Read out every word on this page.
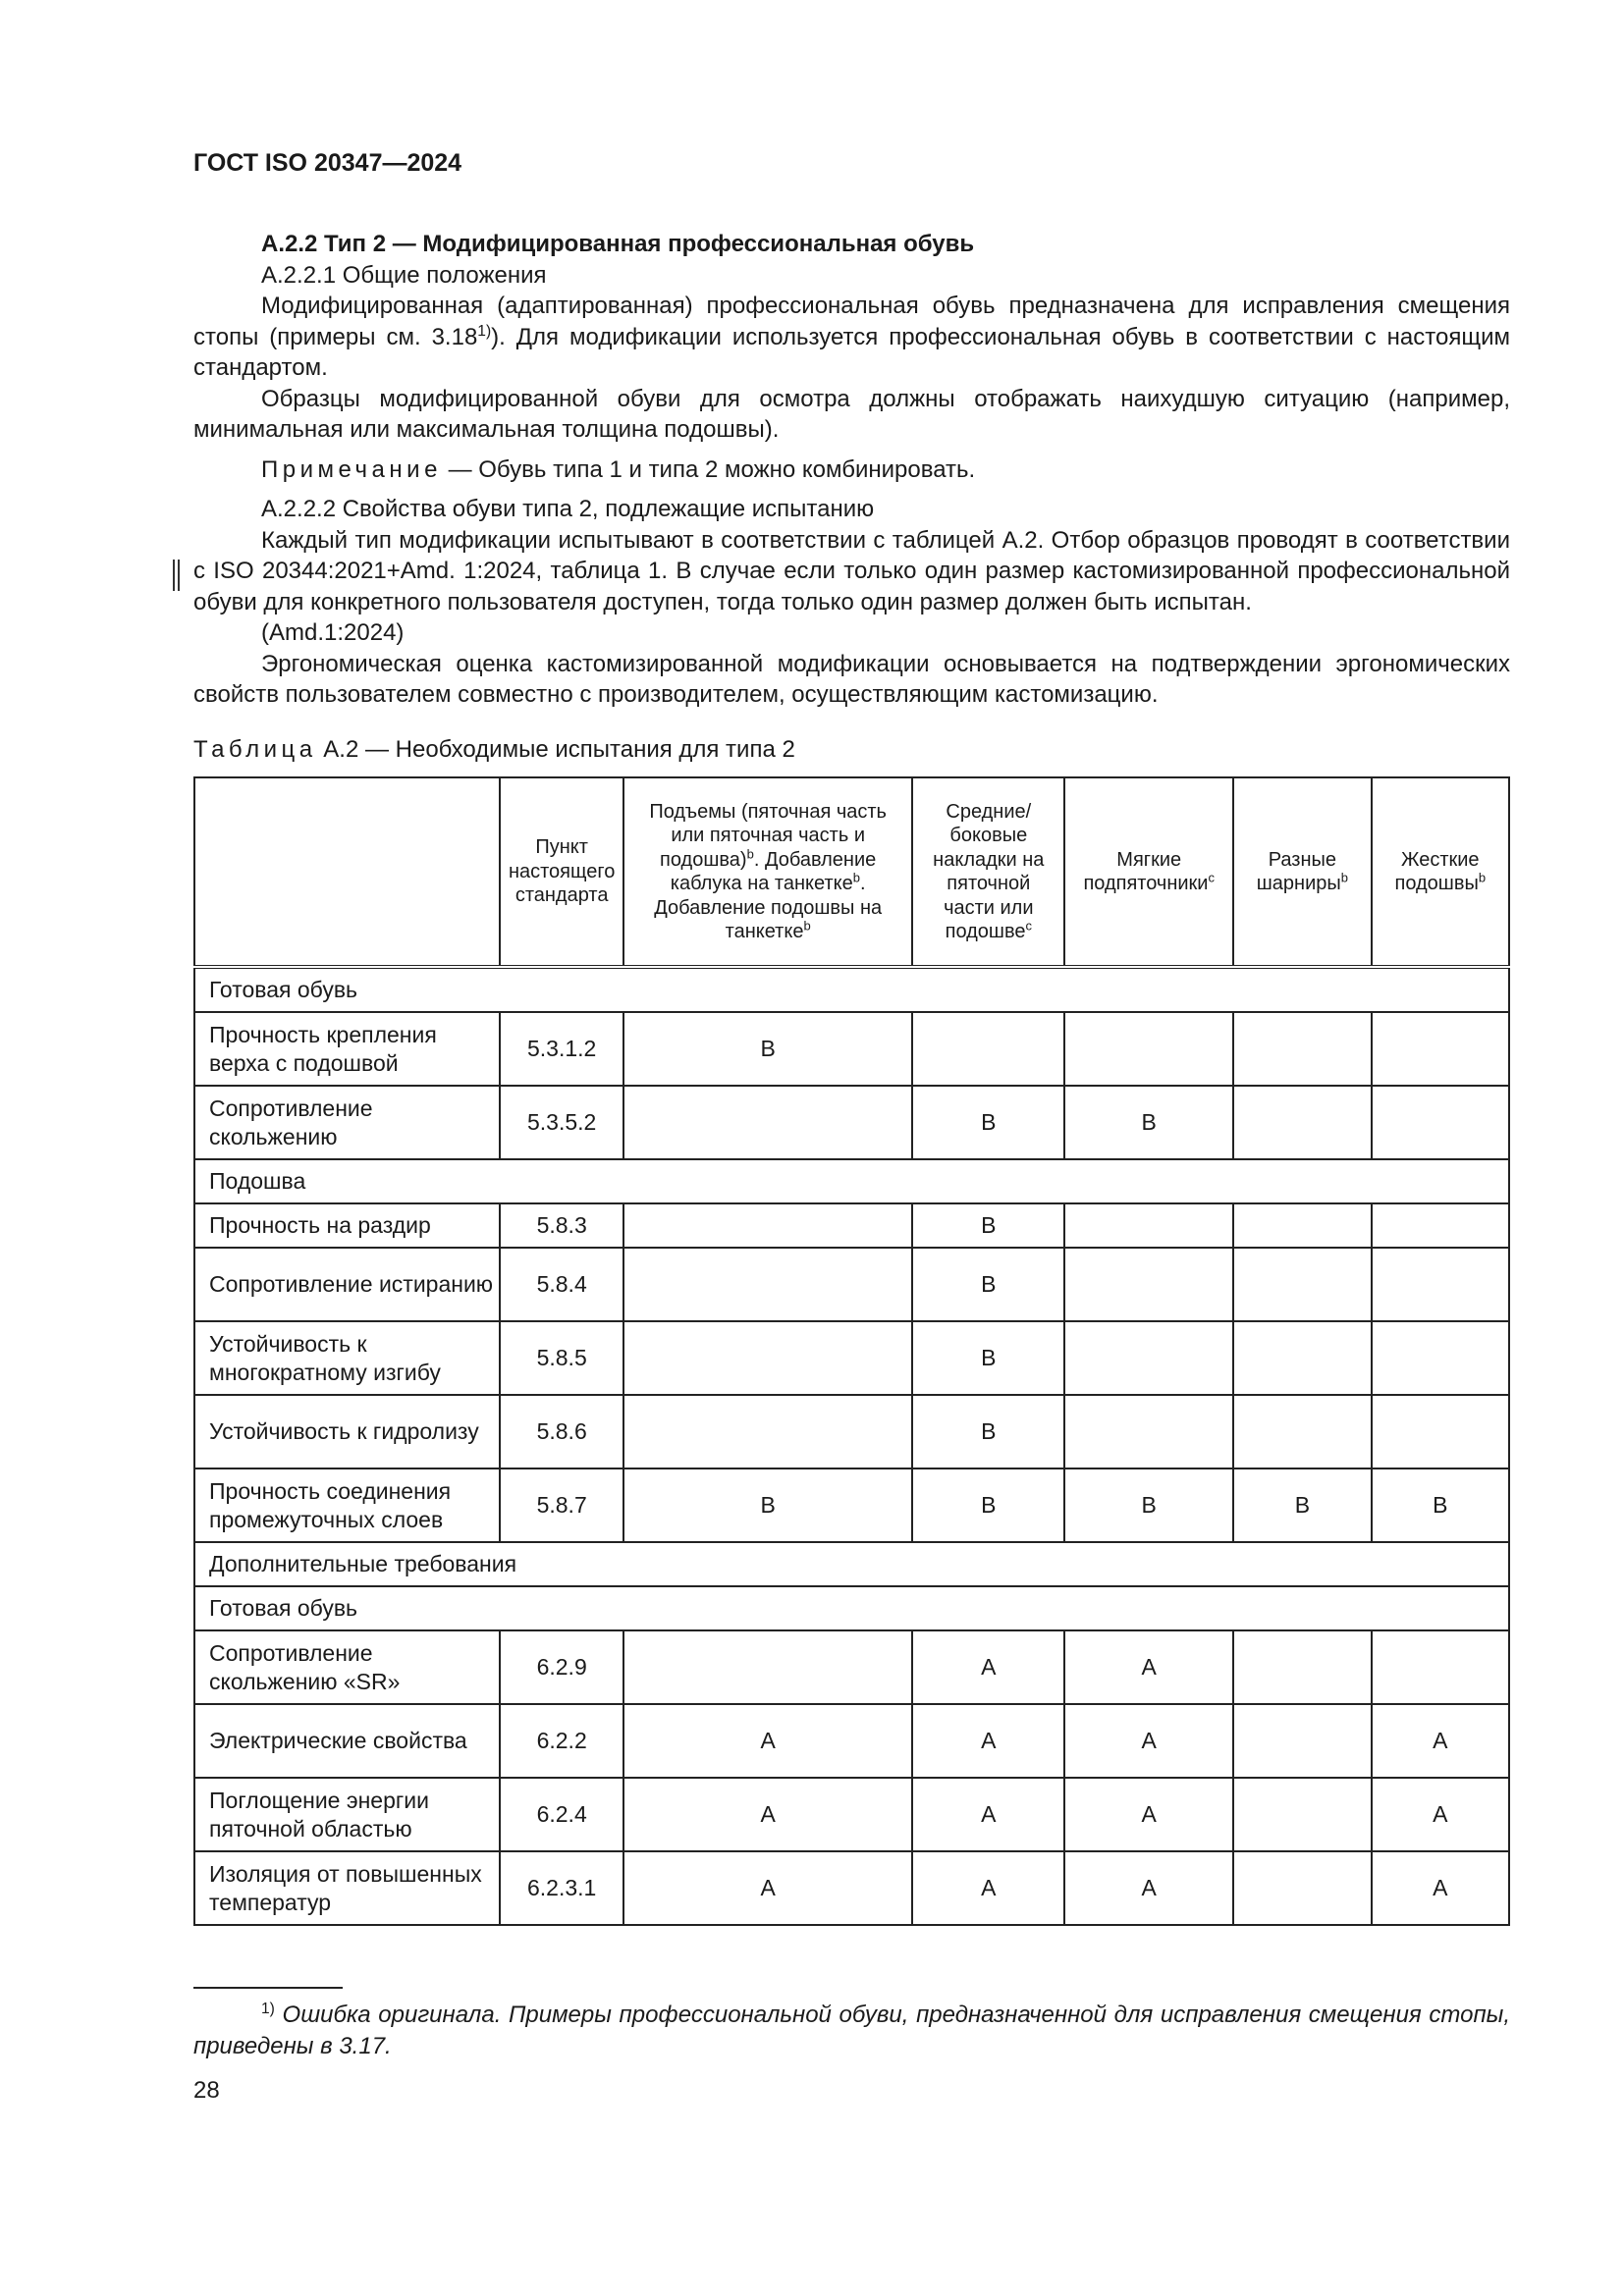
ГОСТ ISO 20347—2024

А.2.2 Тип 2 — Модифицированная профессиональная обувь

А.2.2.1 Общие положения

Модифицированная (адаптированная) профессиональная обувь предназначена для исправления смещения стопы (примеры см. 3.18$^{1)}$). Для модификации используется профессиональная обувь в соответствии с настоящим стандартом.

Образцы модифицированной обуви для осмотра должны отображать наихудшую ситуацию (например, минимальная или максимальная толщина подошвы).

Примечание — Обувь типа 1 и типа 2 можно комбинировать.

А.2.2.2 Свойства обуви типа 2, подлежащие испытанию

Каждый тип модификации испытывают в соответствии с таблицей А.2. Отбор образцов проводят в соответствии с ISO 20344:2021+Amd. 1:2024, таблица 1. В случае если только один размер кастомизированной профессиональной обуви для конкретного пользователя доступен, тогда только один размер должен быть испытан.

(Amd.1:2024)

Эргономическая оценка кастомизированной модификации основывается на подтверждении эргономических свойств пользователем совместно с производителем, осуществляющим кастомизацию.

Таблица А.2 — Необходимые испытания для типа 2
	Пункт настоящего стандарта	Подъемы (пяточная часть или пяточная часть и подошва)$^b$. Добавление каблука на танкетке$^b$. Добавление подошвы на танкетке$^b$	Средние/ боковые накладки на пяточной части или подошве$^c$	Мягкие подпяточники$^c$	Разные шарниры$^b$	Жесткие подошвы$^b$
Готовая обувь						
Прочность крепления верха с подошвой	5.3.1.2	B				
Сопротивление скольжению	5.3.5.2		B	B		
Подошва						
Прочность на раздир	5.8.3		B			
Сопротивление истиранию	5.8.4		B			
Устойчивость к многократному изгибу	5.8.5		B			
Устойчивость к гидролизу	5.8.6		B			
Прочность соединения промежуточных слоев	5.8.7	B	B	B	B	B
Дополнительные требования						
Готовая обувь						
Сопротивление скольжению «SR»	6.2.9		A	A		
Электрические свойства	6.2.2	A	A	A		A
Поглощение энергии пяточной областью	6.2.4	A	A	A		A
Изоляция от повышенных температур	6.2.3.1	A	A	A		A
$^{1)}$ Ошибка оригинала. Примеры профессиональной обуви, предназначенной для исправления смещения стопы, приведены в 3.17.
28
